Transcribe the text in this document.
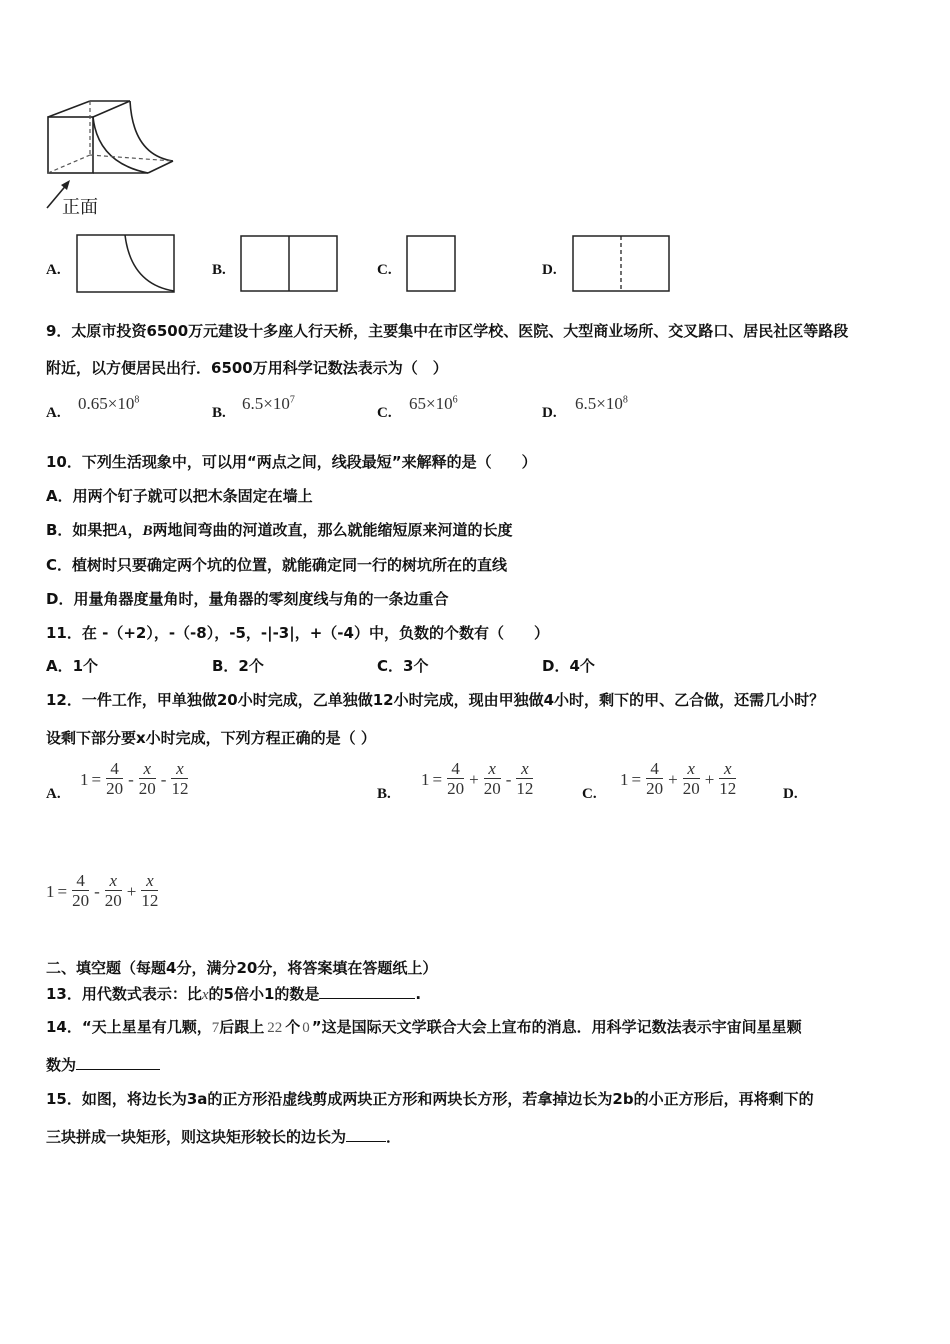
正面
A.	B.	C.	D.
9．太原市投资6500万元建设十多座人行天桥，主要集中在市区学校、医院、大型商业场所、交叉路口、居民社区等路段
附近，以方便居民出行．6500万用科学记数法表示为（　）
A. $0.65\times 10^8$
B. $6.5\times 10^7$
C. $65\times 10^6$
D. $6.5\times 10^8$
10．下列生活现象中，可以用“两点之间，线段最短”来解释的是（　　）
A．用两个钉子就可以把木条固定在墙上
B．如果把A，B两地间弯曲的河道改直，那么就能缩短原来河道的长度
C．植树时只要确定两个坑的位置，就能确定同一行的树坑所在的直线
D．用量角器度量角时，量角器的零刻度线与角的一条边重合
11．在 -（+2），-（-8），-5，-|-3|，+（-4）中，负数的个数有（　　）
A．1个	B．2个	C．3个	D．4个
12．一件工作，甲单独做20小时完成，乙单独做12小时完成，现由甲独做4小时，剩下的甲、乙合做，还需几小时？
设剩下部分要x小时完成，下列方程正确的是（ ）
A.
$1 = \frac{4}{20} - \frac{x}{20} - \frac{x}{12}$	B.
$1 = \frac{4}{20} + \frac{x}{20} - \frac{x}{12}$	C.
$1 = \frac{4}{20} + \frac{x}{20} + \frac{x}{12}$	D.
$1 = \frac{4}{20} - \frac{x}{20} + \frac{x}{12}$
二、填空题（每题4分，满分20分，将答案填在答题纸上）
13．用代数式表示：比x的5倍小1的数是	.
14．“天上星星有几颗，7后跟上 22 个 0 ”这是国际天文学联合大会上宣布的消息．用科学记数法表示宇宙间星星颗
数为
15．如图，将边长为3a的正方形沿虚线剪成两块正方形和两块长方形，若拿掉边长为2b的小正方形后，再将剩下的
三块拼成一块矩形，则这块矩形较长的边长为	．
